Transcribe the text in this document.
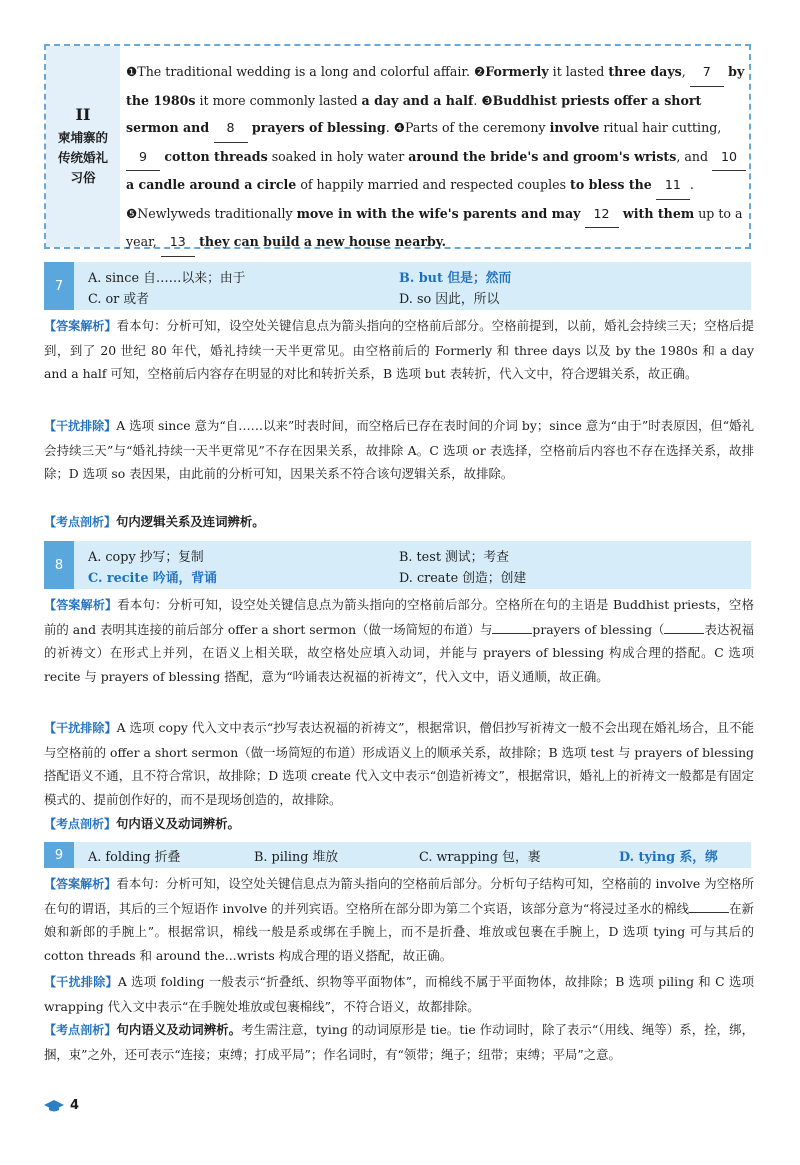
II
柬埔寨的传统婚礼习俗
❶The traditional wedding is a long and colorful affair. ❷Formerly it lasted three days, 7 by the 1980s it more commonly lasted a day and a half. ❸Buddhist priests offer a short sermon and 8 prayers of blessing. ❹Parts of the ceremony involve ritual hair cutting, 9 cotton threads soaked in holy water around the bride's and groom's wrists, and 10 a candle around a circle of happily married and respected couples to bless the 11 . ❺Newlyweds traditionally move in with the wife's parents and may 12 with them up to a year, 13 they can build a new house nearby.
7	A. since 自……以来；由于	B. but 但是；然而
C. or 或者	D. so 因此，所以
【答案解析】看本句：分析可知，设空处关键信息点为箭头指向的空格前后部分。空格前提到，以前，婚礼会持续三天；空格后提到，到了 20 世纪 80 年代，婚礼持续一天半更常见。由空格前后的 Formerly 和 three days 以及 by the 1980s 和 a day and a half 可知，空格前后内容存在明显的对比和转折关系，B 选项 but 表转折，代入文中，符合逻辑关系，故正确。
【干扰排除】A 选项 since 意为“自……以来”时表时间，而空格后已存在表时间的介词 by；since 意为“由于”时表原因，但“婚礼会持续三天”与“婚礼持续一天半更常见”不存在因果关系，故排除 A。C 选项 or 表选择，空格前后内容也不存在选择关系，故排除；D 选项 so 表因果，由此前的分析可知，因果关系不符合该句逻辑关系，故排除。
【考点剖析】句内逻辑关系及连词辨析。
8	A. copy 抄写；复制	B. test 测试；考查
C. recite 吟诵，背诵	D. create 创造；创建
【答案解析】看本句：分析可知，设空处关键信息点为箭头指向的空格前后部分。空格所在句的主语是 Buddhist priests，空格前的 and 表明其连接的前后部分 offer a short sermon（做一场简短的布道）与	prayers of blessing（	表达祝福的祈祷文）在形式上并列，在语义上相关联，故空格处应填入动词，并能与 prayers of blessing 构成合理的搭配。C 选项 recite 与 prayers of blessing 搭配，意为“吟诵表达祝福的祈祷文”，代入文中，语义通顺，故正确。
【干扰排除】A 选项 copy 代入文中表示“抄写表达祝福的祈祷文”，根据常识，僧侣抄写祈祷文一般不会出现在婚礼场合，且不能与空格前的 offer a short sermon（做一场简短的布道）形成语义上的顺承关系，故排除；B 选项 test 与 prayers of blessing 搭配语义不通，且不符合常识，故排除；D 选项 create 代入文中表示“创造祈祷文”，根据常识，婚礼上的祈祷文一般都是有固定模式的、提前创作好的，而不是现场创造的，故排除。
【考点剖析】句内语义及动词辨析。
9	A. folding 折叠	B. piling 堆放	C. wrapping 包，裹	D. tying 系，绑
【答案解析】看本句：分析可知，设空处关键信息点为箭头指向的空格前后部分。分析句子结构可知，空格前的 involve 为空格所在句的谓语，其后的三个短语作 involve 的并列宾语。空格所在部分即为第二个宾语，该部分意为“将浸过圣水的棉线	在新娘和新郎的手腕上”。根据常识，棉线一般是系或绑在手腕上，而不是折叠、堆放或包裹在手腕上，D 选项 tying 可与其后的 cotton threads 和 around the...wrists 构成合理的语义搭配，故正确。
【干扰排除】A 选项 folding 一般表示“折叠纸、织物等平面物体”，而棉线不属于平面物体，故排除；B 选项 piling 和 C 选项 wrapping 代入文中表示“在手腕处堆放或包裹棉线”，不符合语义，故都排除。
【考点剖析】句内语义及动词辨析。考生需注意，tying 的动词原形是 tie。tie 作动词时，除了表示“（用线、绳等）系，拴，绑，捆，束”之外，还可表示“连接；束缚；打成平局”；作名词时，有“领带；绳子；纽带；束缚；平局”之意。
4
